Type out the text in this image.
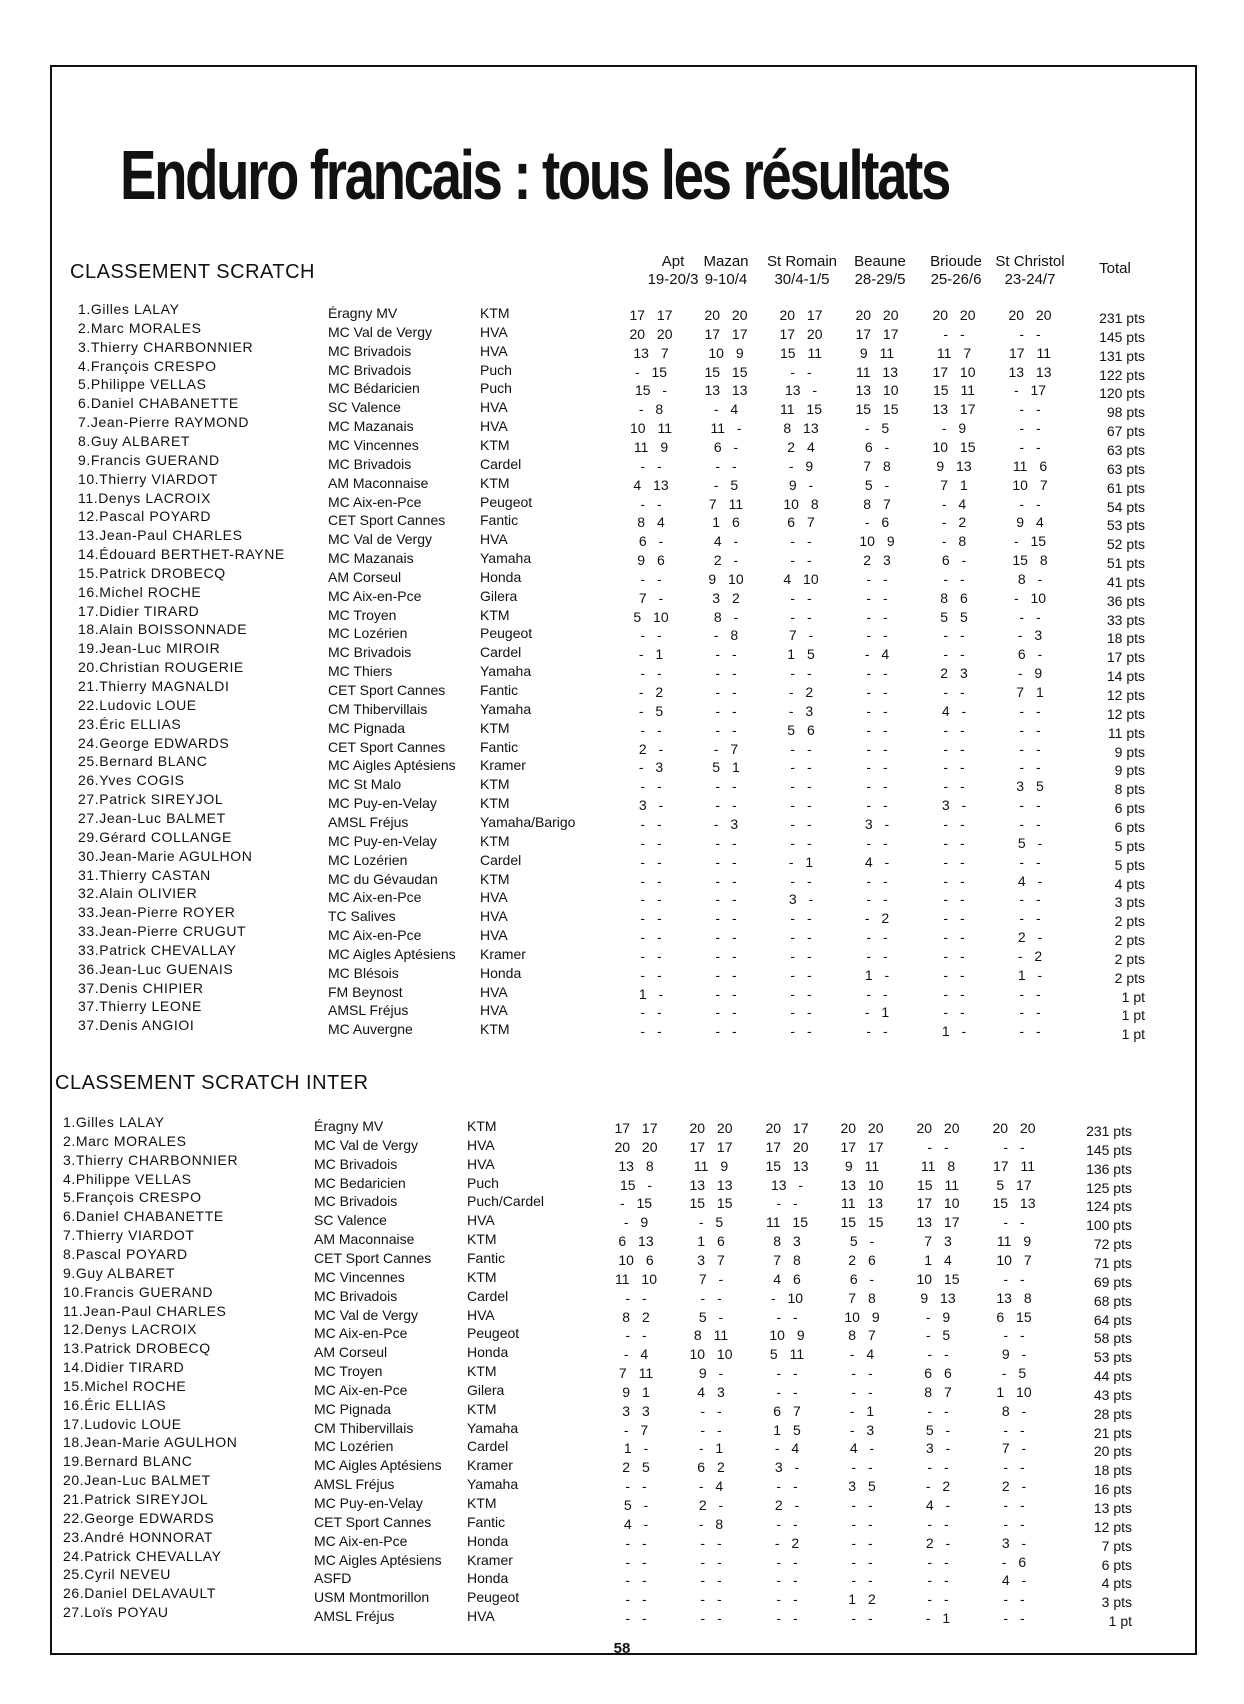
Enduro francais : tous les résultats
Apt
19-20/3
Mazan
9-10/4
St Romain
30/4-1/5
Beaune
28-29/5
Brioude
25-26/6
St Christol
23-24/7
Total
CLASSEMENT SCRATCH
1.Gilles LALAY	Éragny MV	KTM	17 17	20 20	20 17	20 20	20 20	20 20	231 pts
2.Marc MORALES	MC Val de Vergy	HVA	20 20	17 17	17 20	17 17	- -	- -	145 pts
3.Thierry CHARBONNIER	MC Brivadois	HVA	13 7	10 9	15 11	9 11	11 7	17 11	131 pts
4.François CRESPO	MC Brivadois	Puch	- 15	15 15	- -	11 13	17 10	13 13	122 pts
5.Philippe VELLAS	MC Bédaricien	Puch	15 -	13 13	13 -	13 10	15 11	- 17	120 pts
6.Daniel CHABANETTE	SC Valence	HVA	- 8	- 4	11 15	15 15	13 17	- -	98 pts
7.Jean-Pierre RAYMOND	MC Mazanais	HVA	10 11	11 -	8 13	- 5	- 9	- -	67 pts
8.Guy ALBARET	MC Vincennes	KTM	11 9	6 -	2 4	6 -	10 15	- -	63 pts
9.Francis GUERAND	MC Brivadois	Cardel	- -	- -	- 9	7 8	9 13	11 6	63 pts
10.Thierry VIARDOT	AM Maconnaise	KTM	4 13	- 5	9 -	5 -	7 1	10 7	61 pts
11.Denys LACROIX	MC Aix-en-Pce	Peugeot	- -	7 11	10 8	8 7	- 4	- -	54 pts
12.Pascal POYARD	CET Sport Cannes Fantic	8 4	1 6	6 7	- 6	- 2	9 4	53 pts
13.Jean-Paul CHARLES	MC Val de Vergy	HVA	6 -	4 -	- -	10 9	- 8	- 15	52 pts
14.Édouard BERTHET-RAYNE	MC Mazanais	Yamaha	9 6	2 -	- -	2 3	6 -	15 8	51 pts
15.Patrick DROBECQ	AM Corseul	Honda	- -	9 10	4 10	- -	- -	8 -	41 pts
16.Michel ROCHE	MC Aix-en-Pce	Gilera	7 -	3 2	- -	- -	8 6	- 10	36 pts
17.Didier TIRARD	MC Troyen	KTM	5 10	8 -	- -	- -	5 5	- -	33 pts
18.Alain BOISSONNADE	MC Lozérien	Peugeot	- -	- 8	7 -	- -	- -	- 3	18 pts
19.Jean-Luc MIROIR	MC Brivadois	Cardel	- 1	- -	1 5	- 4	- -	6 -	17 pts
20.Christian ROUGERIE	MC Thiers	Yamaha	- -	- -	- -	- -	2 3	- 9	14 pts
21.Thierry MAGNALDI	CET Sport Cannes Fantic	- 2	- -	- 2	- -	- -	7 1	12 pts
22.Ludovic LOUE	CM Thibervillais	Yamaha	- 5	- -	- 3	- -	4 -	- -	12 pts
23.Éric ELLIAS	MC Pignada	KTM	- -	- -	5 6	- -	- -	- -	11 pts
24.George EDWARDS	CET Sport Cannes Fantic	2 -	- 7	- -	- -	- -	- -	9 pts
25.Bernard BLANC	MC Aigles Aptésiens Kramer	- 3	5 1	- -	- -	- -	- -	9 pts
26.Yves COGIS	MC St Malo	KTM	- -	- -	- -	- -	- -	3 5	8 pts
27.Patrick SIREYJOL	MC Puy-en-Velay	KTM	3 -	- -	- -	- -	3 -	- -	6 pts
27.Jean-Luc BALMET	AMSL Fréjus	Yamaha/Barigo	- -	- 3	- -	3 -	- -	- -	6 pts
29.Gérard COLLANGE	MC Puy-en-Velay	KTM	- -	- -	- -	- -	- -	5 -	5 pts
30.Jean-Marie AGULHON	MC Lozérien	Cardel	- -	- -	- 1	4 -	- -	- -	5 pts
31.Thierry CASTAN	MC du Gévaudan	KTM	- -	- -	- -	- -	- -	4 -	4 pts
32.Alain OLIVIER	MC Aix-en-Pce	HVA	- -	- -	3 -	- -	- -	- -	3 pts
33.Jean-Pierre ROYER	TC Salives	HVA	- -	- -	- -	- 2	- -	- -	2 pts
33.Jean-Pierre CRUGUT	MC Aix-en-Pce	HVA	- -	- -	- -	- -	- -	2 -	2 pts
33.Patrick CHEVALLAY	MC Aigles Aptésiens Kramer	- -	- -	- -	- -	- -	- 2	2 pts
36.Jean-Luc GUENAIS	MC Blésois	Honda	- -	- -	- -	1 -	- -	1 -	2 pts
37.Denis CHIPIER	FM Beynost	HVA	1 -	- -	- -	- -	- -	- -	1 pt
37.Thierry LEONE	AMSL Fréjus	HVA	- -	- -	- -	- 1	- -	- -	1 pt
37.Denis ANGIOI	MC Auvergne	KTM	- -	- -	- -	- -	1 -	- -	1 pt
CLASSEMENT SCRATCH INTER
1.Gilles LALAY	Éragny MV	KTM	17 17	20 20	20 17	20 20	20 20	20 20	231 pts
2.Marc MORALES	MC Val de Vergy	HVA	20 20	17 17	17 20	17 17	- -	- -	145 pts
3.Thierry CHARBONNIER	MC Brivadois	HVA	13 8	11 9	15 13	9 11	11 8	17 11	136 pts
4.Philippe VELLAS	MC Bedaricien	Puch	15 -	13 13	13 -	13 10	15 11	5 17	125 pts
5.François CRESPO	MC Brivadois	Puch/Cardel	- 15	15 15	- -	11 13	17 10	15 13	124 pts
6.Daniel CHABANETTE	SC Valence	HVA	- 9	- 5	11 15	15 15	13 17	- -	100 pts
7.Thierry VIARDOT	AM Maconnaise	KTM	6 13	1 6	8 3	5 -	7 3	11 9	72 pts
8.Pascal POYARD	CET Sport Cannes	Fantic	10 6	3 7	7 8	2 6	1 4	10 7	71 pts
9.Guy ALBARET	MC Vincennes	KTM	11 10	7 -	4 6	6 -	10 15	- -	69 pts
10.Francis GUERAND	MC Brivadois	Cardel	- -	- -	- 10	7 8	9 13	13 8	68 pts
11.Jean-Paul CHARLES	MC Val de Vergy	HVA	8 2	5 -	- -	10 9	- 9	6 15	64 pts
12.Denys LACROIX	MC Aix-en-Pce	Peugeot	- -	8 11	10 9	8 7	- 5	- -	58 pts
13.Patrick DROBECQ	AM Corseul	Honda	- 4	10 10	5 11	- 4	- -	9 -	53 pts
14.Didier TIRARD	MC Troyen	KTM	7 11	9 -	- -	- -	6 6	- 5	44 pts
15.Michel ROCHE	MC Aix-en-Pce	Gilera	9 1	4 3	- -	- -	8 7	1 10	43 pts
16.Éric ELLIAS	MC Pignada	KTM	3 3	- -	6 7	- 1	- -	8 -	28 pts
17.Ludovic LOUE	CM Thibervillais	Yamaha	- 7	- -	1 5	- 3	5 -	- -	21 pts
18.Jean-Marie AGULHON	MC Lozérien	Cardel	1 -	- 1	- 4	4 -	3 -	7 -	20 pts
19.Bernard BLANC	MC Aigles Aptésiens Kramer	2 5	6 2	3 -	- -	- -	- -	18 pts
20.Jean-Luc BALMET	AMSL Fréjus	Yamaha	- -	- 4	- -	3 5	- 2	2 -	16 pts
21.Patrick SIREYJOL	MC Puy-en-Velay	KTM	5 -	2 -	2 -	- -	4 -	- -	13 pts
22.George EDWARDS	CET Sport Cannes	Fantic	4 -	- 8	- -	- -	- -	- -	12 pts
23.André HONNORAT	MC Aix-en-Pce	Honda	- -	- -	- 2	- -	2 -	3 -	7 pts
24.Patrick CHEVALLAY	MC Aigles Aptésiens Kramer	- -	- -	- -	- -	- -	- 6	6 pts
25.Cyril NEVEU	ASFD	Honda	- -	- -	- -	- -	- -	4 -	4 pts
26.Daniel DELAVAULT	USM Montmorillon	Peugeot	- -	- -	- -	1 2	- -	- -	3 pts
27.Loïs POYAU	AMSL Fréjus	HVA	- -	- -	- -	- -	- 1	- -	1 pt
58
